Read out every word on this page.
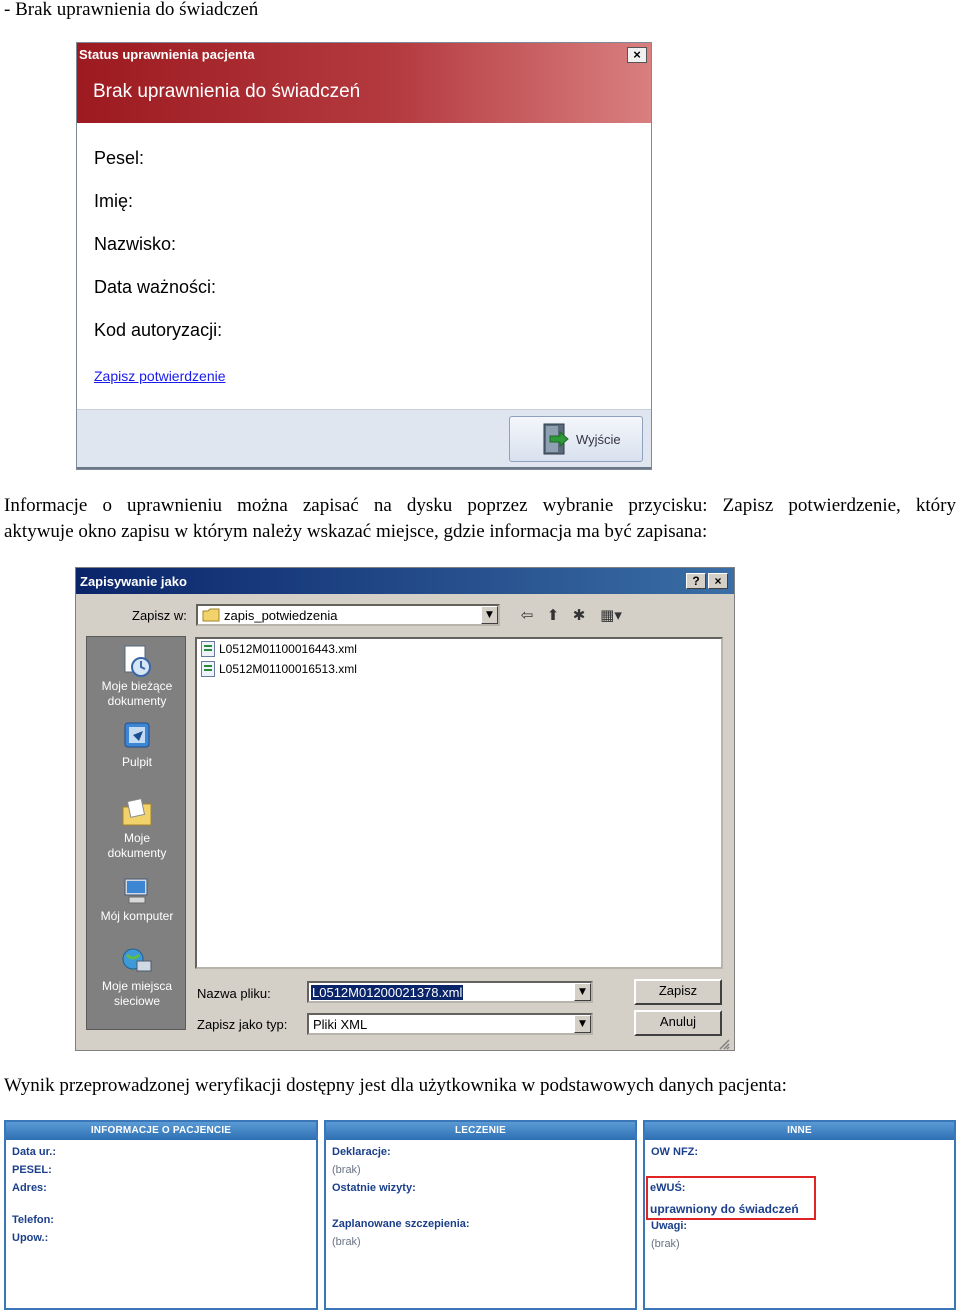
- Brak uprawnienia do świadczeń
Status uprawnienia pacjenta	×
Brak uprawnienia do świadczeń
Pesel:
Imię:
Nazwisko:
Data ważności:
Kod autoryzacji:
Zapisz potwierdzenie
Wyjście
Informacje o uprawnieniu można zapisać na dysku poprzez wybranie przycisku: Zapisz potwierdzenie, który
aktywuje okno zapisu w którym należy wskazać miejsce, gdzie informacja ma być zapisana:
Zapisywanie jako	?	×
Zapisz w:	zapis_potwiedzenia	▼	⇦ ⬆ ✱ ▦▾
Moje bieżące
dokumenty
Pulpit
Moje
dokumenty
Mój komputer
Moje miejsca
sieciowe
L0512M01100016443.xml
L0512M01100016513.xml
Nazwa pliku:	L0512M01200021378.xml	▼
Zapisz jako typ: Pliki XML	▼
Zapisz
Anuluj
Wynik przeprowadzonej weryfikacji dostępny jest dla użytkownika w podstawowych danych pacjenta:
INFORMACJE O PACJENCIE
Data ur.:
PESEL:
Adres:
Telefon:
Upow.:
LECZENIE
Deklaracje:
(brak)
Ostatnie wizyty:
Zaplanowane szczepienia:
(brak)
INNE
OW NFZ:
eWUŚ:
uprawniony do świadczeń
Uwagi:
(brak)
